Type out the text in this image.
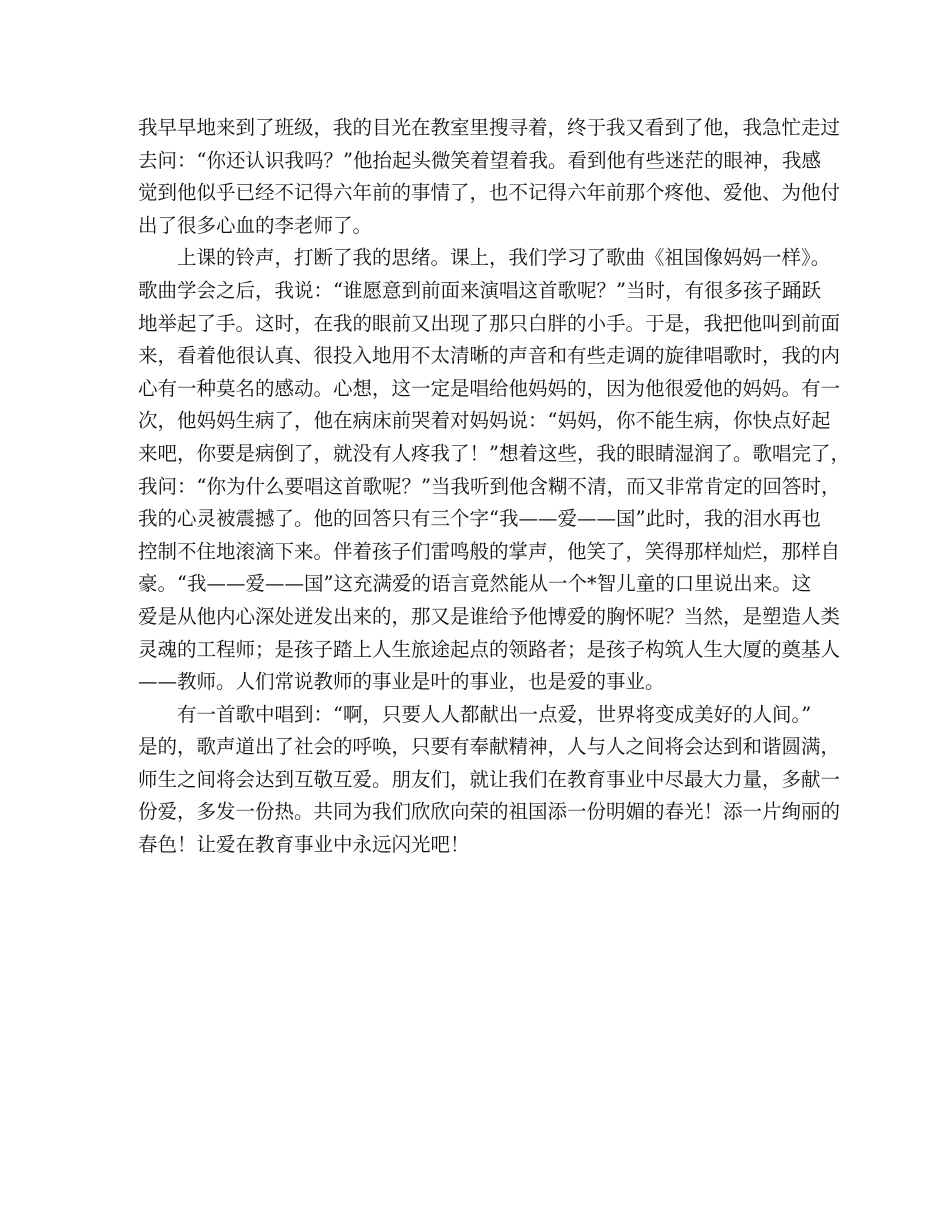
我早早地来到了班级，我的目光在教室里搜寻着，终于我又看到了他，我急忙走过
去问：“你还认识我吗？”他抬起头微笑着望着我。看到他有些迷茫的眼神，我感
觉到他似乎已经不记得六年前的事情了，也不记得六年前那个疼他、爱他、为他付
出了很多心血的李老师了。
　　上课的铃声，打断了我的思绪。课上，我们学习了歌曲《祖国像妈妈一样》。
歌曲学会之后，我说：“谁愿意到前面来演唱这首歌呢？”当时，有很多孩子踊跃
地举起了手。这时，在我的眼前又出现了那只白胖的小手。于是，我把他叫到前面
来，看着他很认真、很投入地用不太清晰的声音和有些走调的旋律唱歌时，我的内
心有一种莫名的感动。心想，这一定是唱给他妈妈的，因为他很爱他的妈妈。有一
次，他妈妈生病了，他在病床前哭着对妈妈说：“妈妈，你不能生病，你快点好起
来吧，你要是病倒了，就没有人疼我了！”想着这些，我的眼睛湿润了。歌唱完了，
我问：“你为什么要唱这首歌呢？”当我听到他含糊不清，而又非常肯定的回答时，
我的心灵被震撼了。他的回答只有三个字“我——爱——国”此时，我的泪水再也
控制不住地滚滴下来。伴着孩子们雷鸣般的掌声，他笑了，笑得那样灿烂，那样自
豪。“我——爱——国”这充满爱的语言竟然能从一个*智儿童的口里说出来。这
爱是从他内心深处迸发出来的，那又是谁给予他博爱的胸怀呢？当然，是塑造人类
灵魂的工程师；是孩子踏上人生旅途起点的领路者；是孩子构筑人生大厦的奠基人
——教师。人们常说教师的事业是叶的事业，也是爱的事业。
　　有一首歌中唱到：“啊，只要人人都献出一点爱，世界将变成美好的人间。”
是的，歌声道出了社会的呼唤，只要有奉献精神，人与人之间将会达到和谐圆满，
师生之间将会达到互敬互爱。朋友们，就让我们在教育事业中尽最大力量，多献一
份爱，多发一份热。共同为我们欣欣向荣的祖国添一份明媚的春光！添一片绚丽的
春色！让爱在教育事业中永远闪光吧！
